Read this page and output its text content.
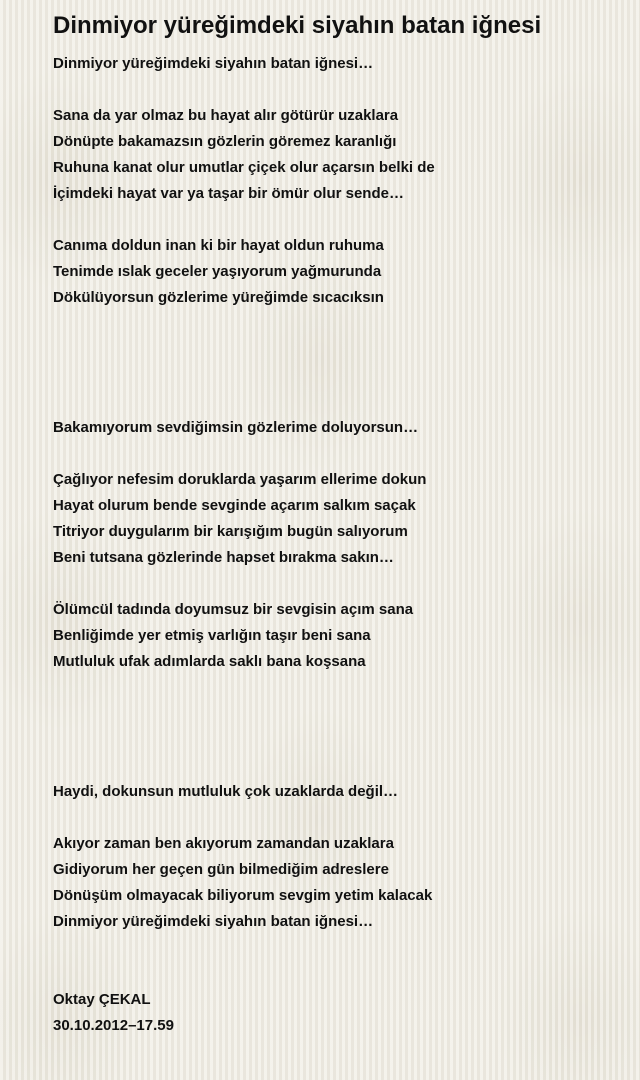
Dinmiyor yüreğimdeki siyahın batan iğnesi
Dinmiyor yüreğimdeki siyahın batan iğnesi…
Sana da yar olmaz bu hayat alır götürür uzaklara
Dönüpte bakamazsın gözlerin göremez karanlığı
Ruhuna kanat olur umutlar çiçek olur açarsın belki de
İçimdeki hayat var ya taşar bir ömür olur sende…
Canıma doldun inan ki bir hayat oldun ruhuma
Tenimde ıslak geceler yaşıyorum yağmurunda
Dökülüyorsun gözlerime yüreğimde sıcacıksın
Bakamıyorum sevdiğimsin gözlerime doluyorsun…
Çağlıyor nefesim doruklarda yaşarım ellerime dokun
Hayat olurum bende sevginde açarım salkım saçak
Titriyor duygularım bir karışığım bugün salıyorum
Beni tutsana gözlerinde hapset bırakma sakın…
Ölümcül tadında doyumsuz bir sevgisin açım sana
Benliğimde yer etmiş varlığın taşır beni sana
Mutluluk ufak adımlarda saklı bana koşsana
Haydi, dokunsun mutluluk çok uzaklarda değil…
Akıyor zaman ben akıyorum zamandan uzaklara
Gidiyorum her geçen gün bilmediğim adreslere
Dönüşüm olmayacak biliyorum sevgim yetim kalacak
Dinmiyor yüreğimdeki siyahın batan iğnesi…
Oktay ÇEKAL
30.10.2012–17.59
